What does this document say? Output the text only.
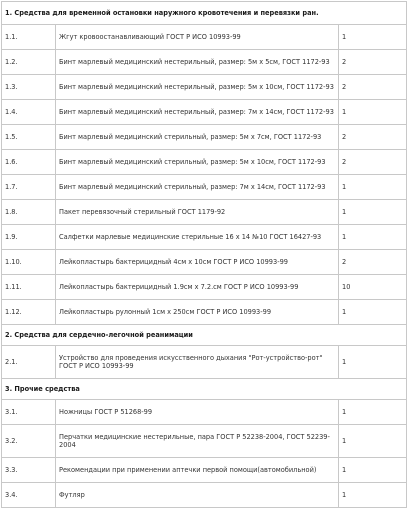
1. Средства для временной остановки наружного кровотечения и перевязки ран.		
1.1.	Жгут кровоостанавливающий ГОСТ Р ИСО 10993-99	1
1.2.	Бинт марлевый медицинский нестерильный, размер: 5м х 5см, ГОСТ 1172-93	2
1.3.	Бинт марлевый медицинский нестерильный, размер: 5м х 10см, ГОСТ 1172-93	2
1.4.	Бинт марлевый медицинский нестерильный, размер: 7м х 14см, ГОСТ 1172-93	1
1.5.	Бинт марлевый медицинский стерильный, размер: 5м х 7см, ГОСТ 1172-93	2
1.6.	Бинт марлевый медицинский стерильный, размер: 5м х 10см, ГОСТ 1172-93	2
1.7.	Бинт марлевый медицинский стерильный, размер: 7м х 14см, ГОСТ 1172-93	1
1.8.	Пакет перевязочный стерильный ГОСТ 1179-92	1
1.9.	Салфетки марлевые медицинские стерильные 16 х 14 №10 ГОСТ 16427-93	1
1.10.	Лейкопластырь бактерицидный 4см х 10см ГОСТ Р ИСО 10993-99	2
1.11.	Лейкопластырь бактерицидный 1.9см х 7.2.см ГОСТ Р ИСО 10993-99	10
1.12.	Лейкопластырь рулонный 1см х 250см ГОСТ Р ИСО 10993-99	1
2. Средства для сердечно-легочной реанимации		
2.1.	Устройство для проведения искусственного дыхания "Рот-устройство-рот" ГОСТ Р ИСО 10993-99	1
3. Прочие средства		
3.1.	Ножницы ГОСТ Р 51268-99	1
3.2.	Перчатки медицинские нестерильные, пара ГОСТ Р 52238-2004, ГОСТ 52239-2004	1
3.3.	Рекомендации при применении аптечки первой помощи(автомобильной)	1
3.4.	Футляр	1
